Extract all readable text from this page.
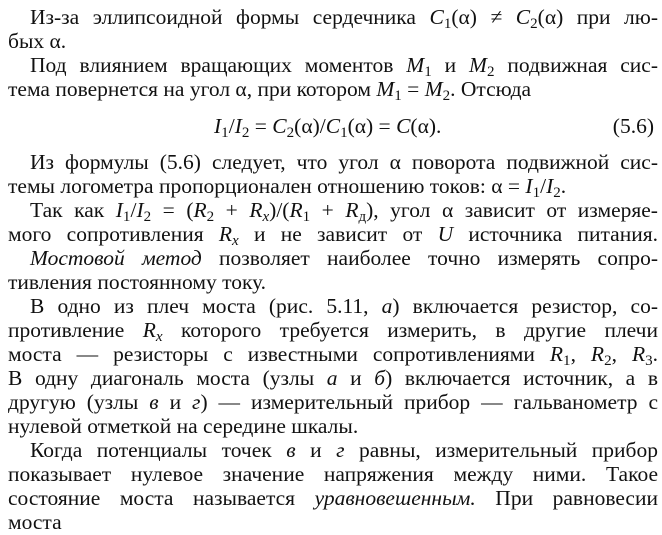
Из-за эллипсоидной формы сердечника $C_1(\alpha) \ne C_2(\alpha)$ при лю-
бых α.
Под влиянием вращающих моментов $M_1$ и $M_2$ подвижная сис-
тема повернется на угол α, при котором $M_1 = M_2$. Отсюда
$I_1/I_2 = C_2(\alpha)/C_1(\alpha) = C(\alpha)$.	(5.6)
Из формулы (5.6) следует, что угол α поворота подвижной сис-
темы логометра пропорционален отношению токов: $\alpha = I_1/I_2$.
Так как $I_1/I_2 = (R_2 + R_x)/(R_1 + R_д)$, угол α зависит от измеряе-
мого сопротивления $R_x$ и не зависит от U источника питания.
Мостовой метод позволяет наиболее точно измерять сопро-
тивления постоянному току.
В одно из плеч моста (рис. 5.11, а) включается резистор, со-
противление $R_x$ которого требуется измерить, в другие плечи
моста — резисторы с известными сопротивлениями $R_1$, $R_2$, $R_3$.
В одну диагональ моста (узлы а и б) включается источник, а в
другую (узлы в и г) — измерительный прибор — гальванометр с
нулевой отметкой на середине шкалы.
Когда потенциалы точек в и г равны, измерительный прибор
показывает нулевое значение напряжения между ними. Такое
состояние моста называется уравновешенным. При равновесии
моста
